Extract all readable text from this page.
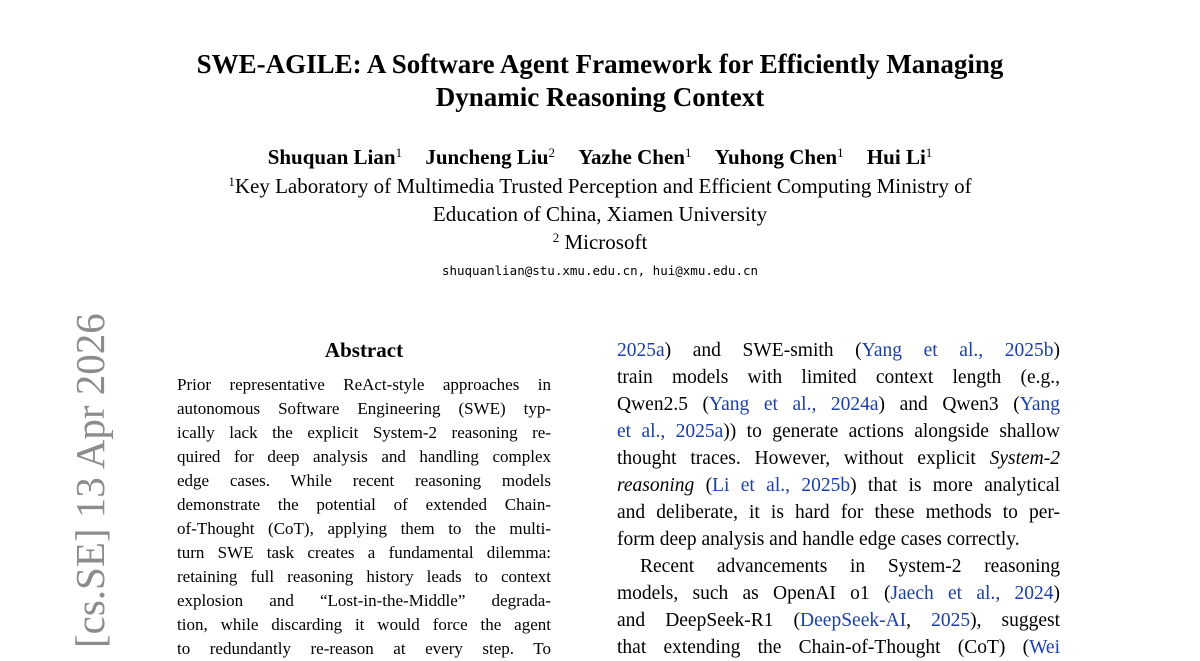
SWE-AGILE: A Software Agent Framework for Efficiently Managing
Dynamic Reasoning Context
Shuquan Lian$^1$ Juncheng Liu$^2$ Yazhe Chen$^1$ Yuhong Chen$^1$ Hui Li$^1$
$^1$Key Laboratory of Multimedia Trusted Perception and Efficient Computing Ministry of
Education of China, Xiamen University
$^2$ Microsoft
shuquanlian@stu.xmu.edu.cn, hui@xmu.edu.cn
[cs.SE] 13 Apr 2026	Abstract
Prior representative ReAct-style approaches in
autonomous Software Engineering (SWE) typ-
ically lack the explicit System-2 reasoning re-
quired for deep analysis and handling complex
edge cases. While recent reasoning models
demonstrate the potential of extended Chain-
of-Thought (CoT), applying them to the multi-
turn SWE task creates a fundamental dilemma:
retaining full reasoning history leads to context
explosion and “Lost-in-the-Middle” degrada-
tion, while discarding it would force the agent
to redundantly re-reason at every step. To
2025a) and SWE-smith (Yang et al., 2025b)
train models with limited context length (e.g.,
Qwen2.5 (Yang et al., 2024a) and Qwen3 (Yang
et al., 2025a)) to generate actions alongside shallow
thought traces. However, without explicit System-2
reasoning (Li et al., 2025b) that is more analytical
and deliberate, it is hard for these methods to per-
form deep analysis and handle edge cases correctly.
Recent advancements in System-2 reasoning
models, such as OpenAI o1 (Jaech et al., 2024)
and DeepSeek-R1 (DeepSeek-AI, 2025), suggest
that extending the Chain-of-Thought (CoT) (Wei
